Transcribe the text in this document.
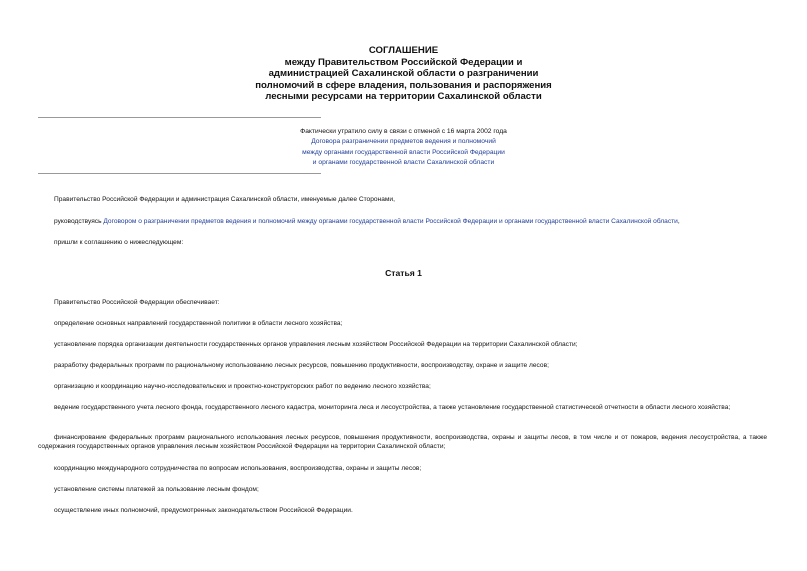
СОГЛАШЕНИЕ
между Правительством Российской Федерации и
администрацией Сахалинской области о разграничении
полномочий в сфере владения, пользования и распоряжения
лесными ресурсами на территории Сахалинской области
Фактически утратило силу в связи с отменой с 16 марта 2002 года
Договора разграничении предметов ведения и полномочий
между органами государственной власти Российской Федерации
и органами государственной власти Сахалинской области
Правительство Российской Федерации и администрация Сахалинской области, именуемые далее Сторонами,
руководствуясь Договором о разграничении предметов ведения и полномочий между органами государственной власти Российской Федерации и органами государственной власти Сахалинской области,
пришли к соглашению о нижеследующем:
Статья 1
Правительство Российской Федерации обеспечивает:
определение основных направлений государственной политики в области лесного хозяйства;
установление порядка организации деятельности государственных органов управления лесным хозяйством Российской Федерации на территории Сахалинской области;
разработку федеральных программ по рациональному использованию лесных ресурсов, повышению продуктивности, воспроизводству, охране и защите лесов;
организацию и координацию научно-исследовательских и проектно-конструкторских работ по ведению лесного хозяйства;
ведение государственного учета лесного фонда, государственного лесного кадастра, мониторинга леса и лесоустройства, а также установление государственной статистической отчетности в области лесного хозяйства;
финансирование федеральных программ рационального использования лесных ресурсов, повышения продуктивности, воспроизводства, охраны и защиты лесов, в том числе и от пожаров, ведения лесоустройства, а также содержания государственных органов управления лесным хозяйством Российской Федерации на территории Сахалинской области;
координацию международного сотрудничества по вопросам использования, воспроизводства, охраны и защиты лесов;
установление системы платежей за пользование лесным фондом;
осуществление иных полномочий, предусмотренных законодательством Российской Федерации.
